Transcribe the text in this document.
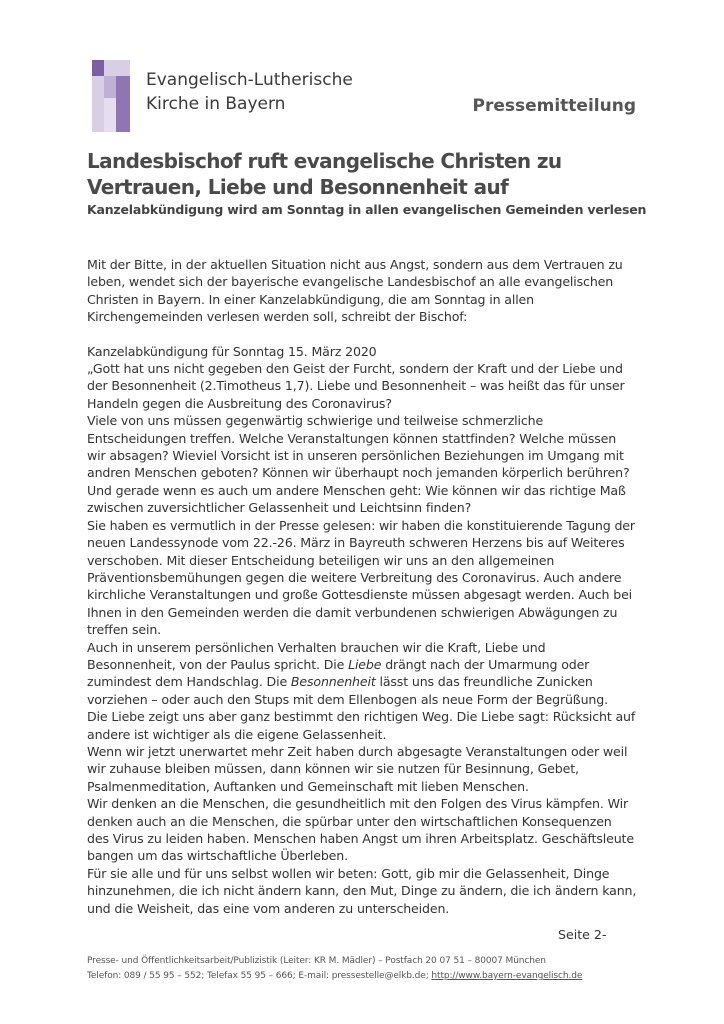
Evangelisch-Lutherische
Kirche in Bayern	Pressemitteilung
Landesbischof ruft evangelische Christen zu Vertrauen, Liebe und Besonnenheit auf
Kanzelabkündigung wird am Sonntag in allen evangelischen Gemeinden verlesen

Mit der Bitte, in der aktuellen Situation nicht aus Angst, sondern aus dem Vertrauen zu leben, wendet sich der bayerische evangelische Landesbischof an alle evangelischen Christen in Bayern. In einer Kanzelabkündigung, die am Sonntag in allen Kirchengemeinden verlesen werden soll, schreibt der Bischof:

Kanzelabkündigung für Sonntag 15. März 2020

„Gott hat uns nicht gegeben den Geist der Furcht, sondern der Kraft und der Liebe und der Besonnenheit (2.Timotheus 1,7). Liebe und Besonnenheit – was heißt das für unser Handeln gegen die Ausbreitung des Coronavirus?

Viele von uns müssen gegenwärtig schwierige und teilweise schmerzliche Entscheidungen treffen. Welche Veranstaltungen können stattfinden? Welche müssen wir absagen? Wieviel Vorsicht ist in unseren persönlichen Beziehungen im Umgang mit andren Menschen geboten? Können wir überhaupt noch jemanden körperlich berühren? Und gerade wenn es auch um andere Menschen geht: Wie können wir das richtige Maß zwischen zuversichtlicher Gelassenheit und Leichtsinn finden?

Sie haben es vermutlich in der Presse gelesen: wir haben die konstituierende Tagung der neuen Landessynode vom 22.-26. März in Bayreuth schweren Herzens bis auf Weiteres verschoben. Mit dieser Entscheidung beteiligen wir uns an den allgemeinen Präventionsbemühungen gegen die weitere Verbreitung des Coronavirus. Auch andere kirchliche Veranstaltungen und große Gottesdienste müssen abgesagt werden. Auch bei Ihnen in den Gemeinden werden die damit verbundenen schwierigen Abwägungen zu treffen sein.

Auch in unserem persönlichen Verhalten brauchen wir die Kraft, Liebe und Besonnenheit, von der Paulus spricht. Die Liebe drängt nach der Umarmung oder zumindest dem Handschlag. Die Besonnenheit lässt uns das freundliche Zunicken vorziehen – oder auch den Stups mit dem Ellenbogen als neue Form der Begrüßung.

Die Liebe zeigt uns aber ganz bestimmt den richtigen Weg. Die Liebe sagt: Rücksicht auf andere ist wichtiger als die eigene Gelassenheit.

Wenn wir jetzt unerwartet mehr Zeit haben durch abgesagte Veranstaltungen oder weil wir zuhause bleiben müssen, dann können wir sie nutzen für Besinnung, Gebet, Psalmenmeditation, Auftanken und Gemeinschaft mit lieben Menschen.

Wir denken an die Menschen, die gesundheitlich mit den Folgen des Virus kämpfen. Wir denken auch an die Menschen, die spürbar unter den wirtschaftlichen Konsequenzen des Virus zu leiden haben. Menschen haben Angst um ihren Arbeitsplatz. Geschäftsleute bangen um das wirtschaftliche Überleben.

Für sie alle und für uns selbst wollen wir beten: Gott, gib mir die Gelassenheit, Dinge hinzunehmen, die ich nicht ändern kann, den Mut, Dinge zu ändern, die ich ändern kann, und die Weisheit, das eine vom anderen zu unterscheiden.

Seite 2-
Presse- und Öffentlichkeitsarbeit/Publizistik (Leiter: KR M. Mädler) – Postfach 20 07 51 – 80007 München
Telefon: 089 / 55 95 – 552; Telefax 55 95 – 666; E-mail: pressestelle@elkb.de; http://www.bayern-evangelisch.de
